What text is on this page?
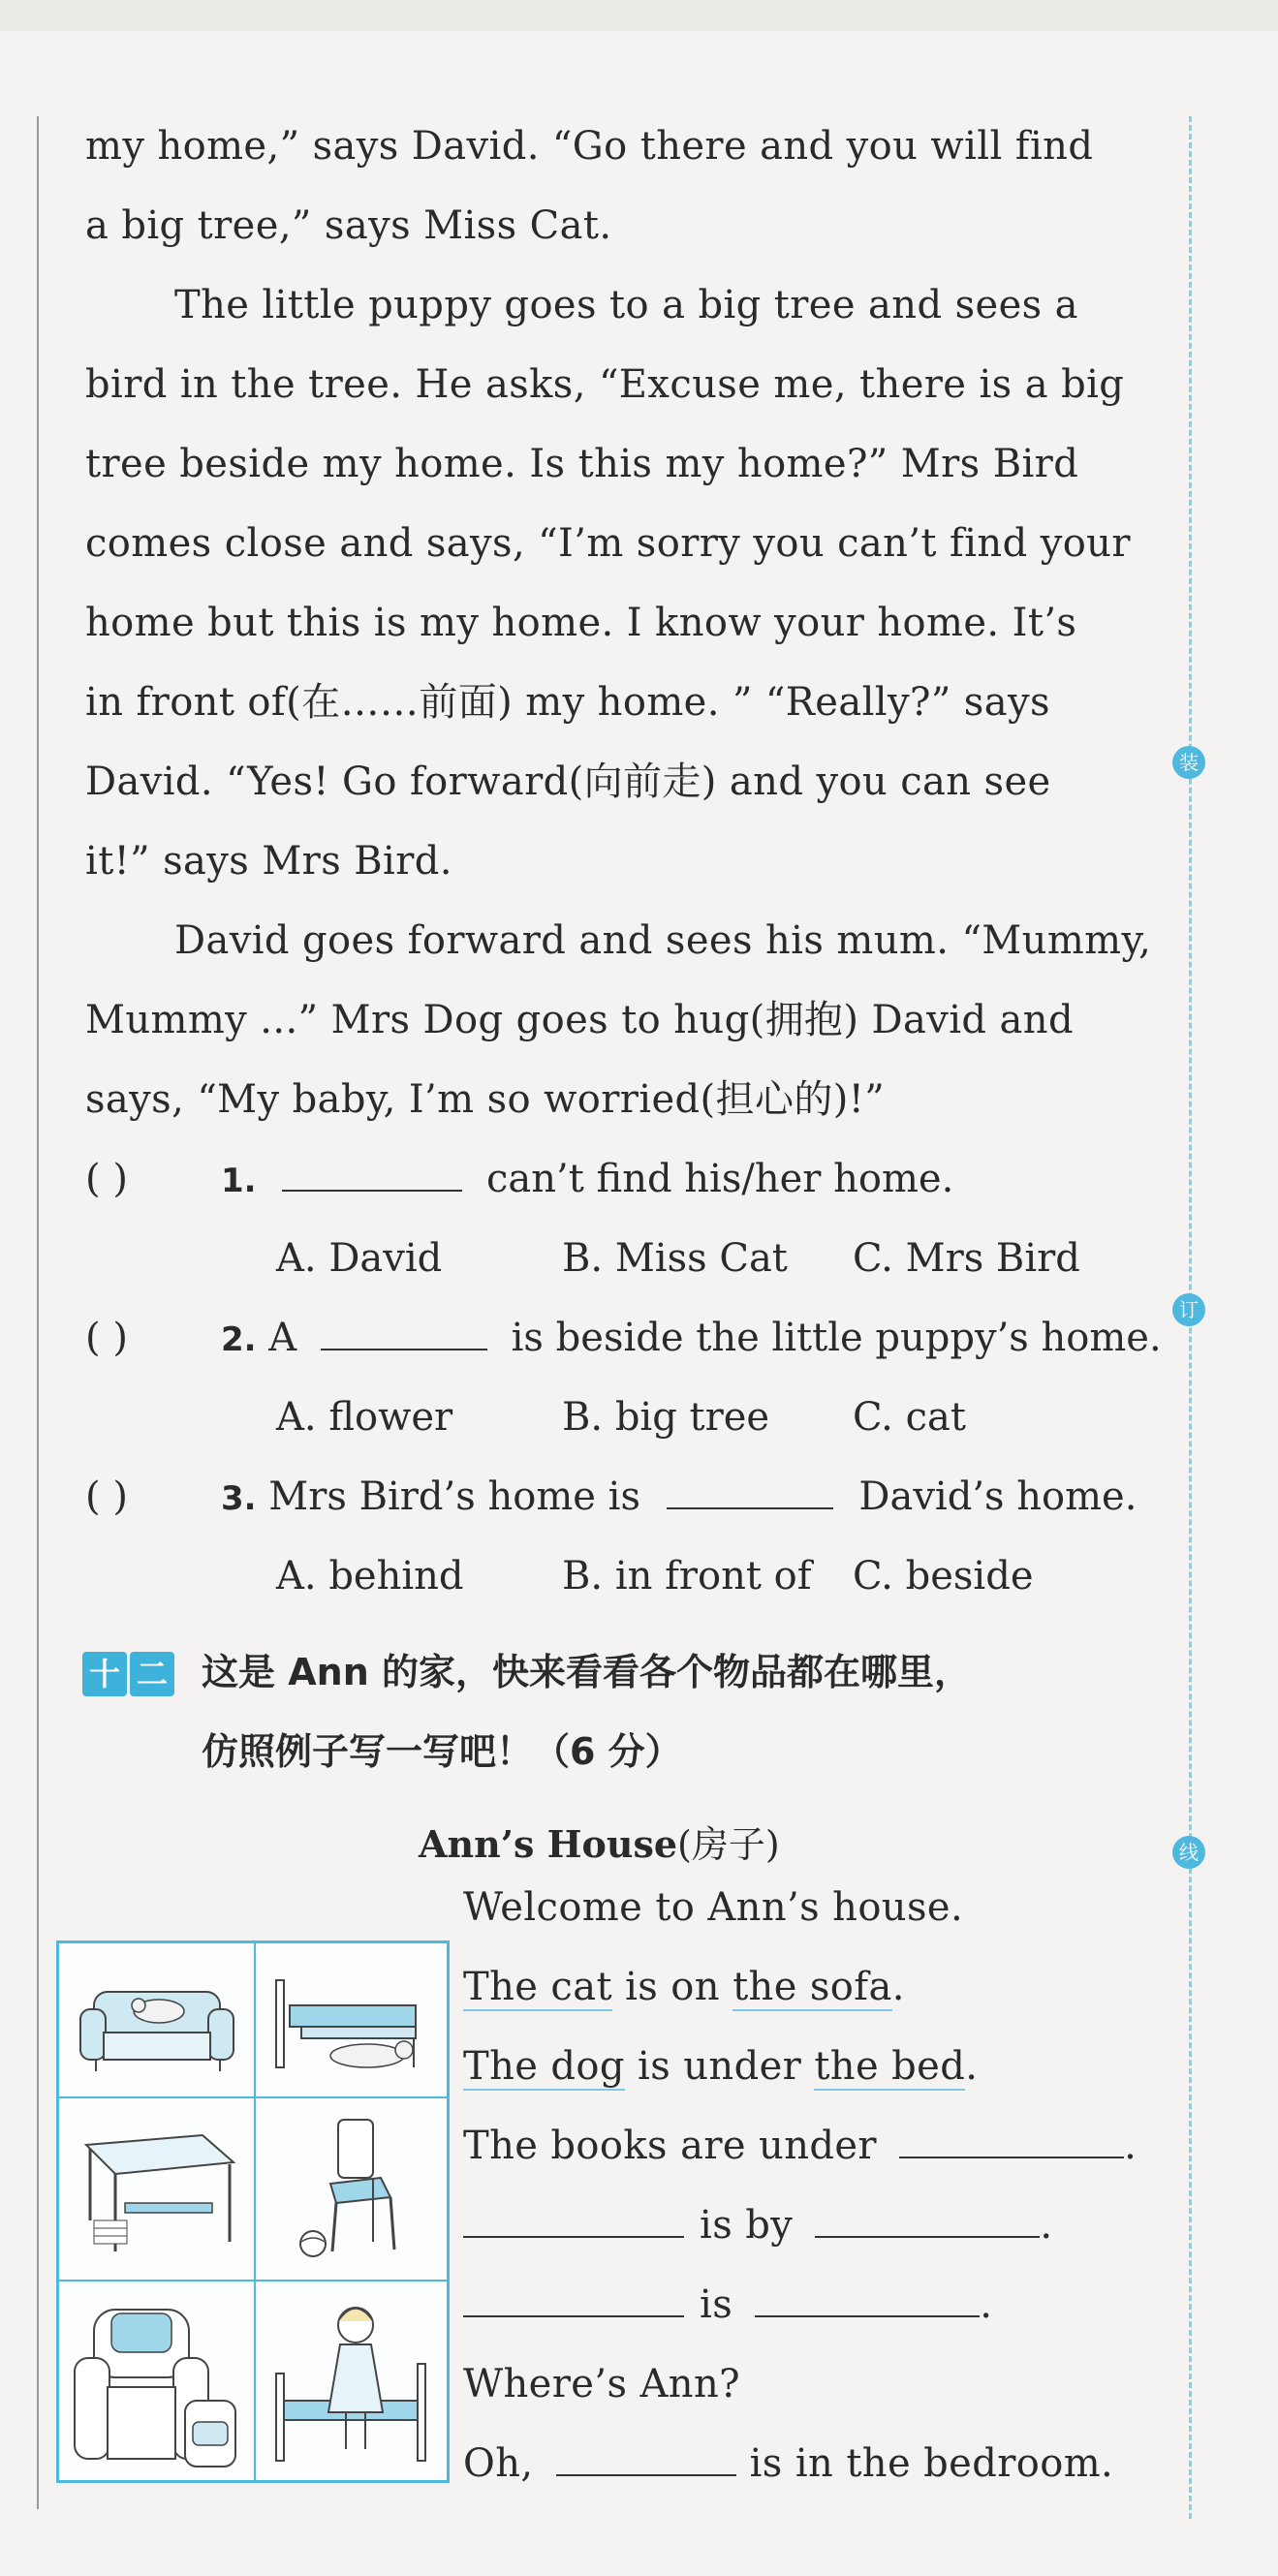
装
订
线
my home,” says David. “Go there and you will find
a big tree,” says Miss Cat.
The little puppy goes to a big tree and sees a
bird in the tree. He asks, “Excuse me, there is a big
tree beside my home. Is this my home?” Mrs Bird
comes close and says, “I’m sorry you can’t find your
home but this is my home. I know your home. It’s
in front of(在……前面) my home. ” “Really?” says
David. “Yes! Go forward(向前走) and you can see
it!” says Mrs Bird.
David goes forward and sees his mum. “Mummy,
Mummy ...” Mrs Dog goes to hug(拥抱) David and
says, “My baby, I’m so worried(担心的)!”
( )	1.	can’t find his/her home.
A. David	B. Miss Cat C. Mrs Bird
( )	2. A	is beside the little puppy’s home.
A. flower	B. big tree C. cat
( )	3. Mrs Bird’s home is	David’s home.
A. behind	B. in front of C. beside
十 二 这是 Ann 的家，快来看看各个物品都在哪里，
仿照例子写一写吧！（6 分）
Ann’s House(房子)
Welcome to Ann’s house.
The cat is on the sofa.
The dog is under the bed.
The books are under	.
is by	.
is	.
Where’s Ann?
Oh,	is in the bedroom.
